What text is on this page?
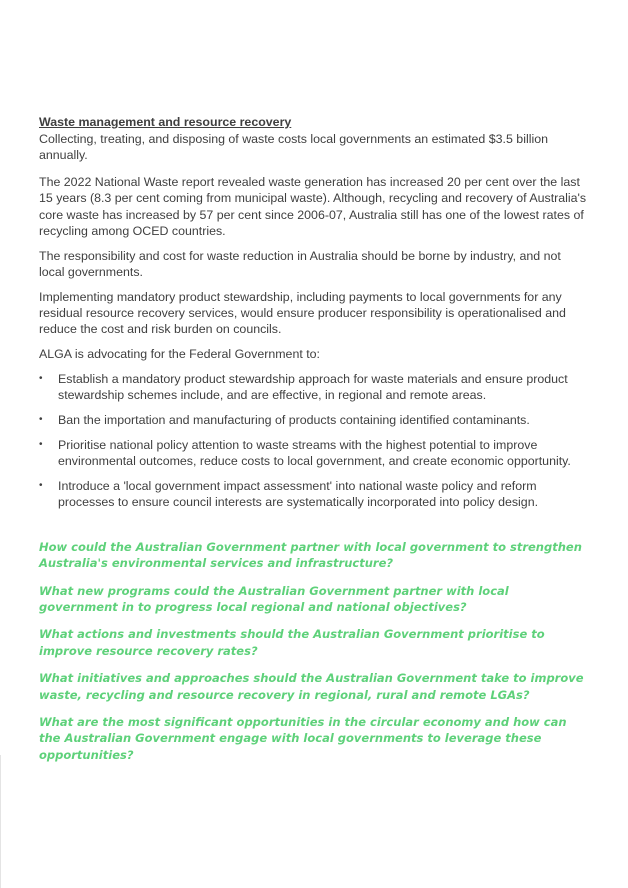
Waste management and resource recovery

Collecting, treating, and disposing of waste costs local governments an estimated $3.5 billion annually.

The 2022 National Waste report revealed waste generation has increased 20 per cent over the last 15 years (8.3 per cent coming from municipal waste). Although, recycling and recovery of Australia's core waste has increased by 57 per cent since 2006-07, Australia still has one of the lowest rates of recycling among OCED countries.

The responsibility and cost for waste reduction in Australia should be borne by industry, and not local governments.

Implementing mandatory product stewardship, including payments to local governments for any residual resource recovery services, would ensure producer responsibility is operationalised and reduce the cost and risk burden on councils.

ALGA is advocating for the Federal Government to:

• Establish a mandatory product stewardship approach for waste materials and ensure product stewardship schemes include, and are effective, in regional and remote areas.
• Ban the importation and manufacturing of products containing identified contaminants.
• Prioritise national policy attention to waste streams with the highest potential to improve environmental outcomes, reduce costs to local government, and create economic opportunity.
• Introduce a 'local government impact assessment' into national waste policy and reform processes to ensure council interests are systematically incorporated into policy design.

How could the Australian Government partner with local government to strengthen Australia's environmental services and infrastructure?

What new programs could the Australian Government partner with local government in to progress local regional and national objectives?

What actions and investments should the Australian Government prioritise to improve resource recovery rates?

What initiatives and approaches should the Australian Government take to improve waste, recycling and resource recovery in regional, rural and remote LGAs?

What are the most significant opportunities in the circular economy and how can the Australian Government engage with local governments to leverage these opportunities?
